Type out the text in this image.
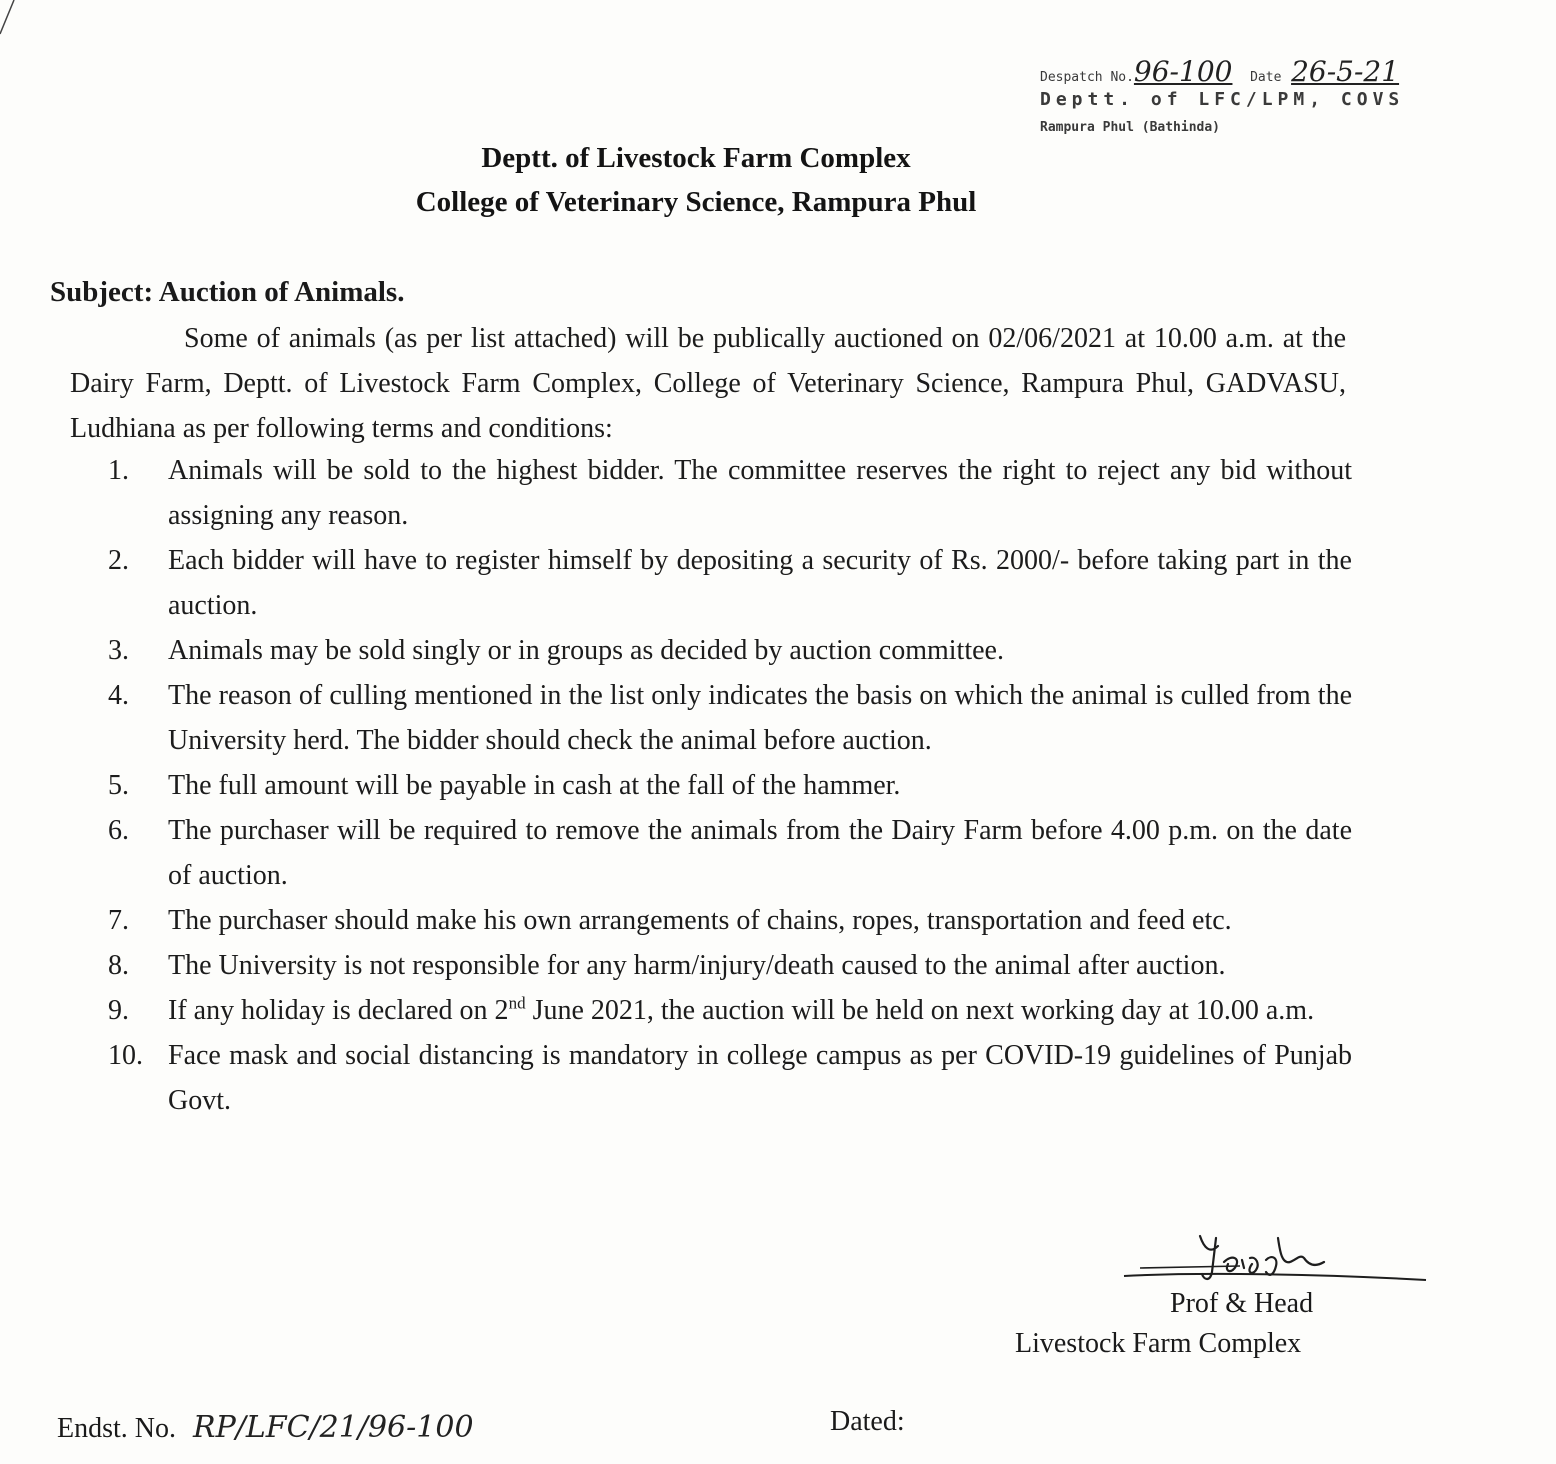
Despatch No.96-100 Date 26-5-21
Deptt. of LFC/LPM, COVS
Rampura Phul (Bathinda)
Deptt. of Livestock Farm Complex
College of Veterinary Science, Rampura Phul
Subject: Auction of Animals.
Some of animals (as per list attached) will be publically auctioned on 02/06/2021 at 10.00 a.m. at the Dairy Farm, Deptt. of Livestock Farm Complex, College of Veterinary Science, Rampura Phul, GADVASU, Ludhiana as per following terms and conditions:
1.	Animals will be sold to the highest bidder. The committee reserves the right to reject any bid without assigning any reason.
2.	Each bidder will have to register himself by depositing a security of Rs. 2000/- before taking part in the auction.
3.	Animals may be sold singly or in groups as decided by auction committee.
4.	The reason of culling mentioned in the list only indicates the basis on which the animal is culled from the University herd. The bidder should check the animal before auction.
5.	The full amount will be payable in cash at the fall of the hammer.
6.	The purchaser will be required to remove the animals from the Dairy Farm before 4.00 p.m. on the date of auction.
7.	The purchaser should make his own arrangements of chains, ropes, transportation and feed etc.
8.	The University is not responsible for any harm/injury/death caused to the animal after auction.
9.	If any holiday is declared on 2nd June 2021, the auction will be held on next working day at 10.00 a.m.
10. Face mask and social distancing is mandatory in college campus as per COVID-19 guidelines of Punjab Govt.
Ysingh
Prof & Head
Livestock Farm Complex
Endst. No. RP/LFC/21/96-100	Dated:
